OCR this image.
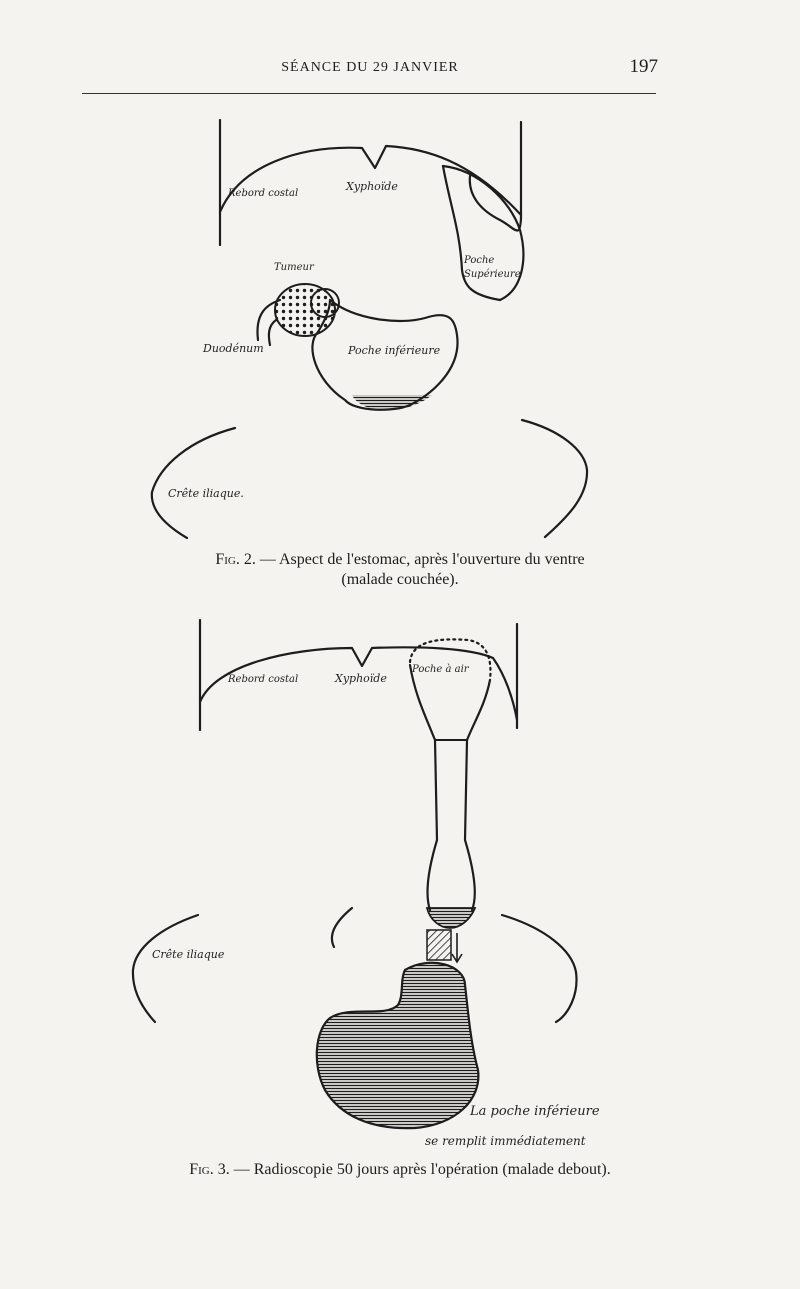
SÉANCE DU 29 JANVIER	197
Rebord costal
Xyphoïde
Tumeur
Poche
Supérieure
Duodénum	Poche inférieure
Crête iliaque.
Fig. 2. — Aspect de l'estomac, après l'ouverture du ventre
(malade couchée).
Rebord costal	Xyphoïde
Poche à air
Crête iliaque
La poche inférieure
se remplit immédiatement
Fig. 3. — Radioscopie 50 jours après l'opération (malade debout).
